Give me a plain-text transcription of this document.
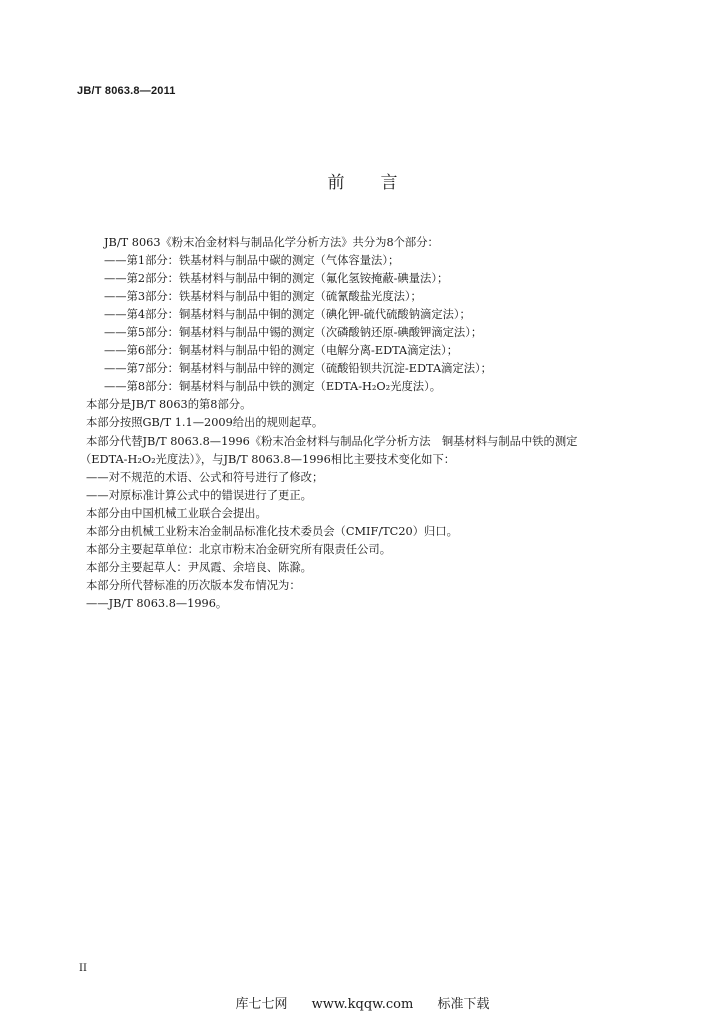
JB/T 8063.8—2011
前言
JB/T 8063《粉末冶金材料与制品化学分析方法》共分为8个部分：
——第1部分：铁基材料与制品中碳的测定（气体容量法）；
——第2部分：铁基材料与制品中铜的测定（氟化氢铵掩蔽-碘量法）；
——第3部分：铁基材料与制品中钼的测定（硫氰酸盐光度法）；
——第4部分：铜基材料与制品中铜的测定（碘化钾-硫代硫酸钠滴定法）；
——第5部分：铜基材料与制品中锡的测定（次磷酸钠还原-碘酸钾滴定法）；
——第6部分：铜基材料与制品中铅的测定（电解分离-EDTA滴定法）；
——第7部分：铜基材料与制品中锌的测定（硫酸铅钡共沉淀-EDTA滴定法）；
——第8部分：铜基材料与制品中铁的测定（EDTA-H₂O₂光度法）。
本部分是JB/T 8063的第8部分。
本部分按照GB/T 1.1—2009给出的规则起草。
本部分代替JB/T 8063.8—1996《粉末冶金材料与制品化学分析方法　铜基材料与制品中铁的测定
（EDTA-H₂O₂光度法）》，与JB/T 8063.8—1996相比主要技术变化如下：
——对不规范的术语、公式和符号进行了修改；
——对原标准计算公式中的错误进行了更正。
本部分由中国机械工业联合会提出。
本部分由机械工业粉末冶金制品标准化技术委员会（CMIF/TC20）归口。
本部分主要起草单位：北京市粉末冶金研究所有限责任公司。
本部分主要起草人：尹凤霞、余培良、陈滁。
本部分所代替标准的历次版本发布情况为：
——JB/T 8063.8—1996。
II
库七七网 www.kqqw.com 标准下载
